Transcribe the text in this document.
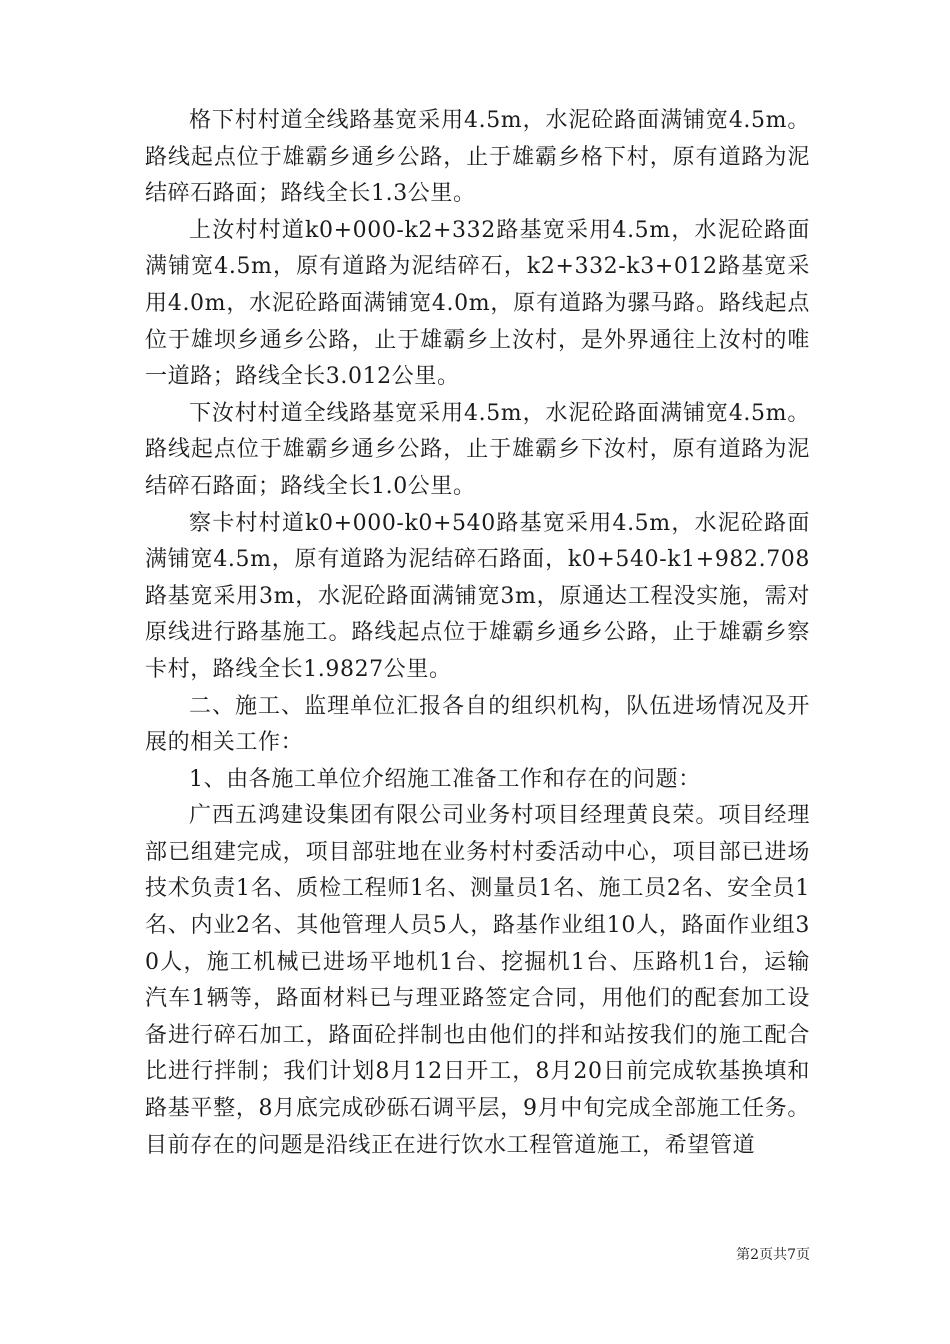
格下村村道全线路基宽采用4.5m，水泥砼路面满铺宽4.5m。路线起点位于雄霸乡通乡公路，止于雄霸乡格下村，原有道路为泥结碎石路面；路线全长1.3公里。

上汝村村道k0+000-k2+332路基宽采用4.5m，水泥砼路面满铺宽4.5m，原有道路为泥结碎石，k2+332-k3+012路基宽采用4.0m，水泥砼路面满铺宽4.0m，原有道路为骡马路。路线起点位于雄坝乡通乡公路，止于雄霸乡上汝村，是外界通往上汝村的唯一道路；路线全长3.012公里。

下汝村村道全线路基宽采用4.5m，水泥砼路面满铺宽4.5m。路线起点位于雄霸乡通乡公路，止于雄霸乡下汝村，原有道路为泥结碎石路面；路线全长1.0公里。

察卡村村道k0+000-k0+540路基宽采用4.5m，水泥砼路面满铺宽4.5m，原有道路为泥结碎石路面，k0+540-k1+982.708路基宽采用3m，水泥砼路面满铺宽3m，原通达工程没实施，需对原线进行路基施工。路线起点位于雄霸乡通乡公路，止于雄霸乡察卡村，路线全长1.9827公里。

二、施工、监理单位汇报各自的组织机构，队伍进场情况及开展的相关工作：

1、由各施工单位介绍施工准备工作和存在的问题：

广西五鸿建设集团有限公司业务村项目经理黄良荣。项目经理部已组建完成，项目部驻地在业务村村委活动中心，项目部已进场技术负责1名、质检工程师1名、测量员1名、施工员2名、安全员1名、内业2名、其他管理人员5人，路基作业组10人，路面作业组30人，施工机械已进场平地机1台、挖掘机1台、压路机1台，运输汽车1辆等，路面材料已与理亚路签定合同，用他们的配套加工设备进行碎石加工，路面砼拌制也由他们的拌和站按我们的施工配合比进行拌制；我们计划8月12日开工，8月20日前完成软基换填和路基平整，8月底完成砂砾石调平层，9月中旬完成全部施工任务。目前存在的问题是沿线正在进行饮水工程管道施工，希望管道

第2页共7页
